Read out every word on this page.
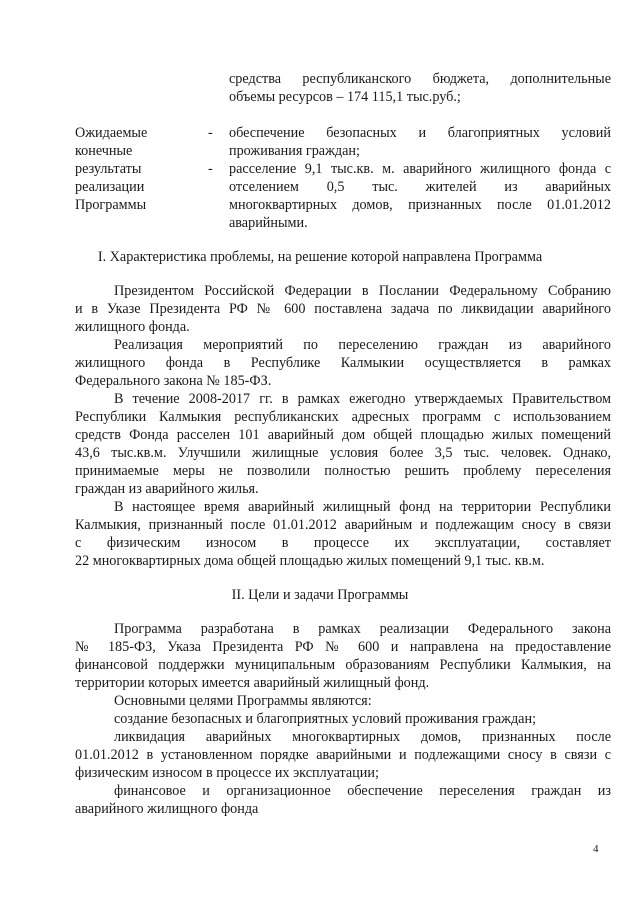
средства республиканского бюджета, дополнительные
объемы ресурсов – 174 115,1 тыс.руб.;
Ожидаемые
конечные
результаты
реализации
Программы
-
-
обеспечение безопасных и благоприятных условий
проживания граждан;
расселение 9,1 тыс.кв. м. аварийного жилищного фонда с
отселением 0,5 тыс. жителей из аварийных
многоквартирных домов, признанных после 01.01.2012
аварийными.
I. Характеристика проблемы, на решение которой направлена Программа
Президентом Российской Федерации в Послании Федеральному Собранию
и в Указе Президента РФ № 600 поставлена задача по ликвидации аварийного
жилищного фонда.
Реализация мероприятий по переселению граждан из аварийного
жилищного фонда в Республике Калмыкии осуществляется в рамках
Федерального закона № 185-ФЗ.
В течение 2008-2017 гг. в рамках ежегодно утверждаемых Правительством
Республики Калмыкия республиканских адресных программ с использованием
средств Фонда расселен 101 аварийный дом общей площадью жилых помещений
43,6 тыс.кв.м. Улучшили жилищные условия более 3,5 тыс. человек. Однако,
принимаемые меры не позволили полностью решить проблему переселения
граждан из аварийного жилья.
В настоящее время аварийный жилищный фонд на территории Республики
Калмыкия, признанный после 01.01.2012 аварийным и подлежащим сносу в связи
с физическим износом в процессе их эксплуатации, составляет
22 многоквартирных дома общей площадью жилых помещений 9,1 тыс. кв.м.
II. Цели и задачи Программы
Программа разработана в рамках реализации Федерального закона
№ 185-ФЗ, Указа Президента РФ № 600 и направлена на предоставление
финансовой поддержки муниципальным образованиям Республики Калмыкия, на
территории которых имеется аварийный жилищный фонд.
Основными целями Программы являются:
создание безопасных и благоприятных условий проживания граждан;
ликвидация аварийных многоквартирных домов, признанных после
01.01.2012 в установленном порядке аварийными и подлежащими сносу в связи с
физическим износом в процессе их эксплуатации;
финансовое и организационное обеспечение переселения граждан из
аварийного жилищного фонда
4
